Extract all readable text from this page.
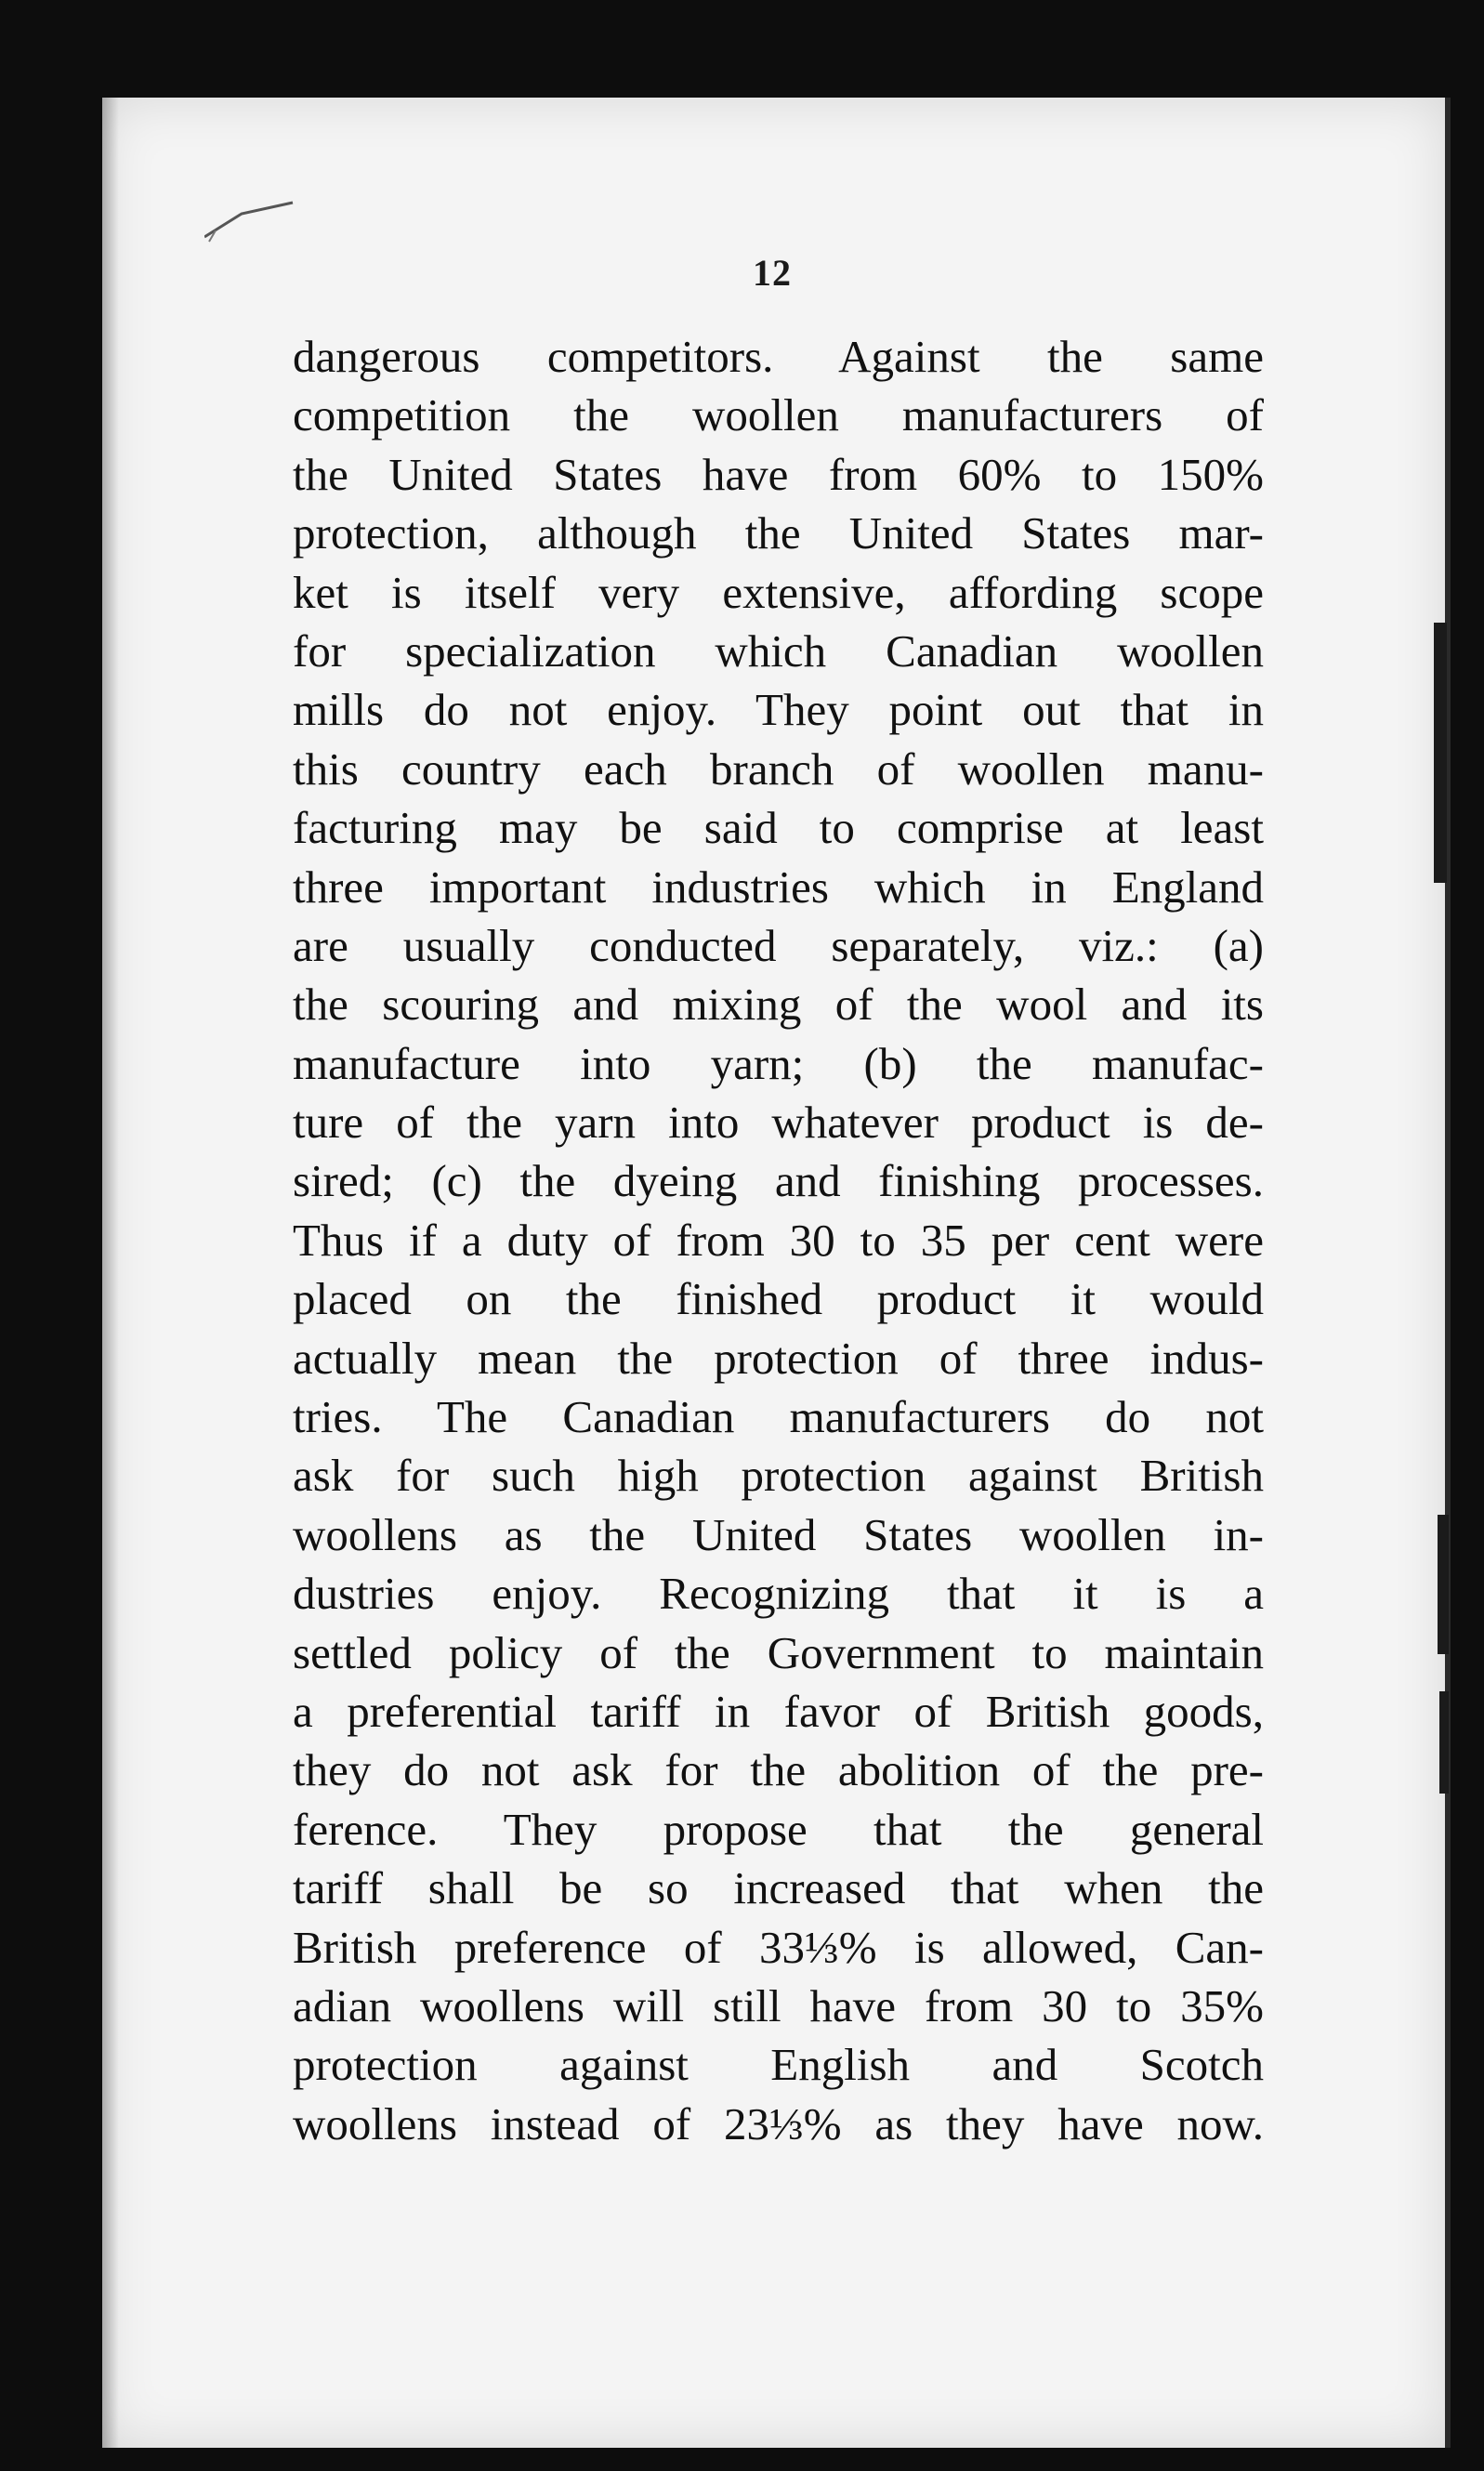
12
dangerous competitors. Against the same
competition the woollen manufacturers of
the United States have from 60% to 150%
protection, although the United States mar-
ket is itself very extensive, affording scope
for specialization which Canadian woollen
mills do not enjoy. They point out that in
this country each branch of woollen manu-
facturing may be said to comprise at least
three important industries which in England
are usually conducted separately, viz.: (a)
the scouring and mixing of the wool and its
manufacture into yarn; (b) the manufac-
ture of the yarn into whatever product is de-
sired; (c) the dyeing and finishing processes.
Thus if a duty of from 30 to 35 per cent were
placed on the finished product it would
actually mean the protection of three indus-
tries. The Canadian manufacturers do not
ask for such high protection against British
woollens as the United States woollen in-
dustries enjoy. Recognizing that it is a
settled policy of the Government to maintain
a preferential tariff in favor of British goods,
they do not ask for the abolition of the pre-
ference. They propose that the general
tariff shall be so increased that when the
British preference of 33⅓% is allowed, Can-
adian woollens will still have from 30 to 35%
protection against English and Scotch
woollens instead of 23⅓% as they have now.
